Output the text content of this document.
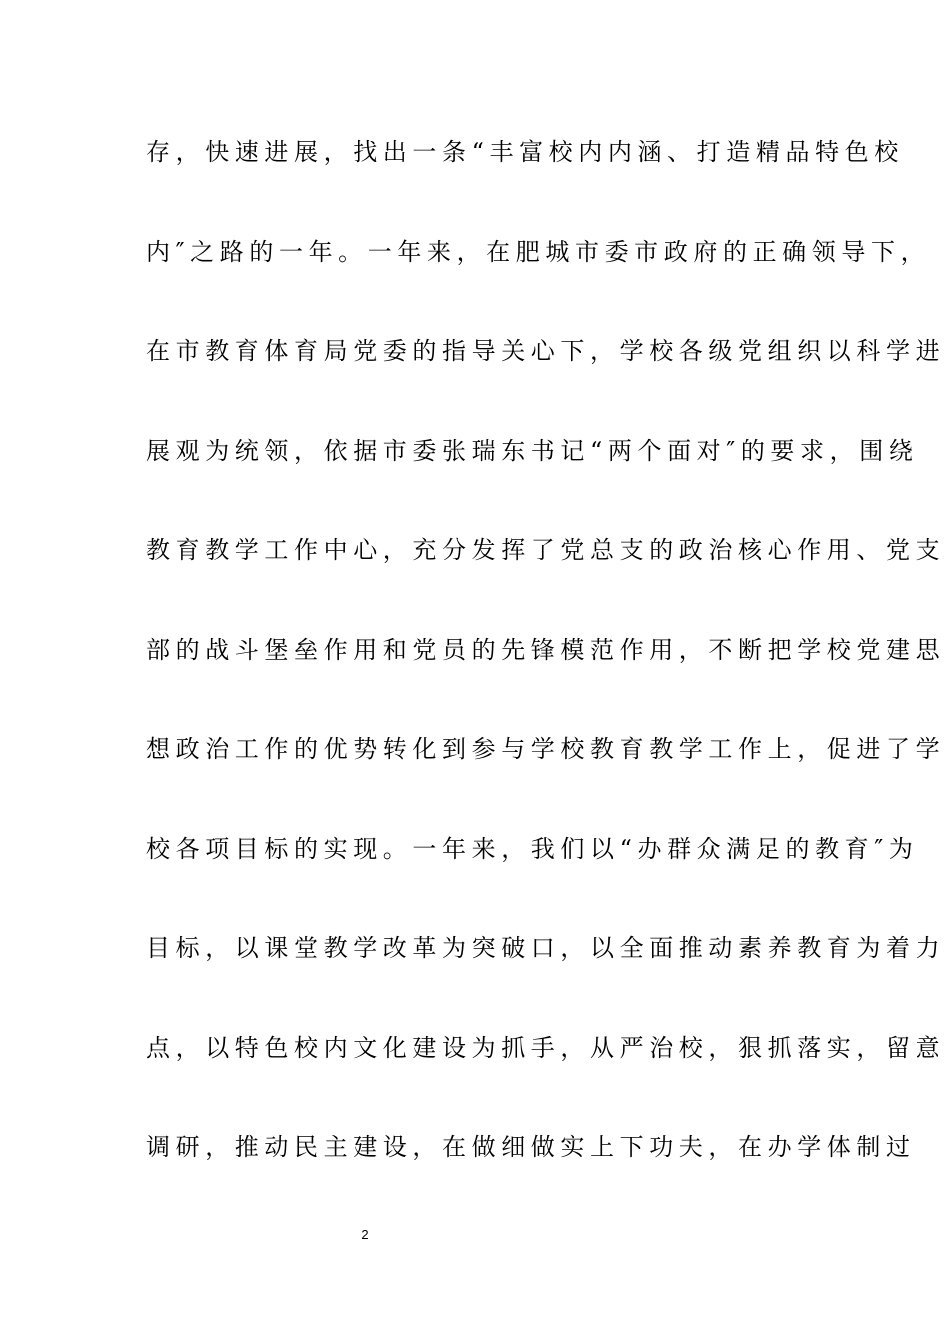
存，快速进展，找出一条“丰富校内内涵、打造精品特色校
内″之路的一年。一年来，在肥城市委市政府的正确领导下，
在市教育体育局党委的指导关心下，学校各级党组织以科学进
展观为统领，依据市委张瑞东书记“两个面对″的要求，围绕
教育教学工作中心，充分发挥了党总支的政治核心作用、党支
部的战斗堡垒作用和党员的先锋模范作用，不断把学校党建思
想政治工作的优势转化到参与学校教育教学工作上，促进了学
校各项目标的实现。一年来，我们以“办群众满足的教育″为
目标，以课堂教学改革为突破口，以全面推动素养教育为着力
点，以特色校内文化建设为抓手，从严治校，狠抓落实，留意
调研，推动民主建设，在做细做实上下功夫，在办学体制过
2
